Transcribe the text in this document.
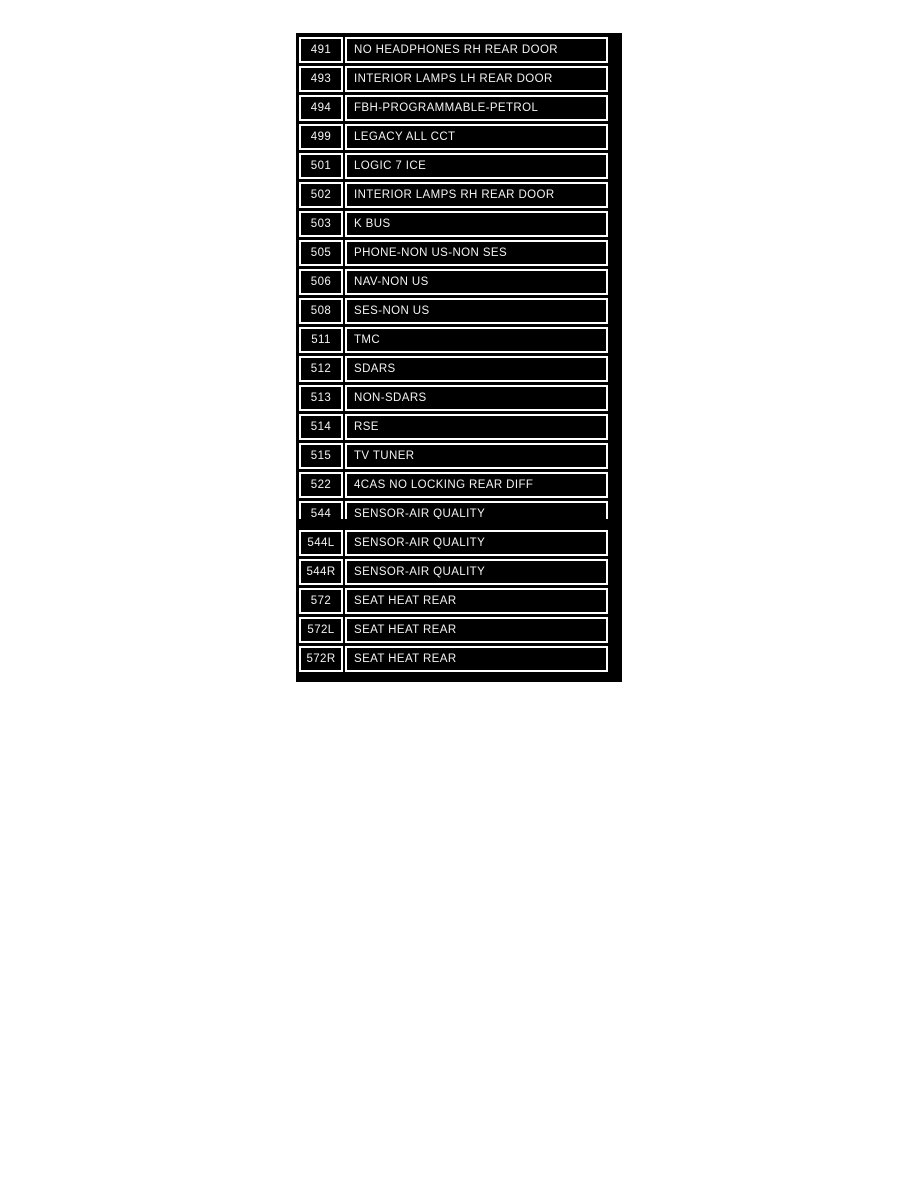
491	NO HEADPHONES RH REAR DOOR
493	INTERIOR LAMPS LH REAR DOOR
494	FBH-PROGRAMMABLE-PETROL
499	LEGACY ALL CCT
501	LOGIC 7 ICE
502	INTERIOR LAMPS RH REAR DOOR
503	K BUS
505	PHONE-NON US-NON SES
506	NAV-NON US
508	SES-NON US
511	TMC
512	SDARS
513	NON-SDARS
514	RSE
515	TV TUNER
522	4CAS NO LOCKING REAR DIFF
544	SENSOR-AIR QUALITY
544L	SENSOR-AIR QUALITY
544R	SENSOR-AIR QUALITY
572	SEAT HEAT REAR
572L	SEAT HEAT REAR
572R	SEAT HEAT REAR
